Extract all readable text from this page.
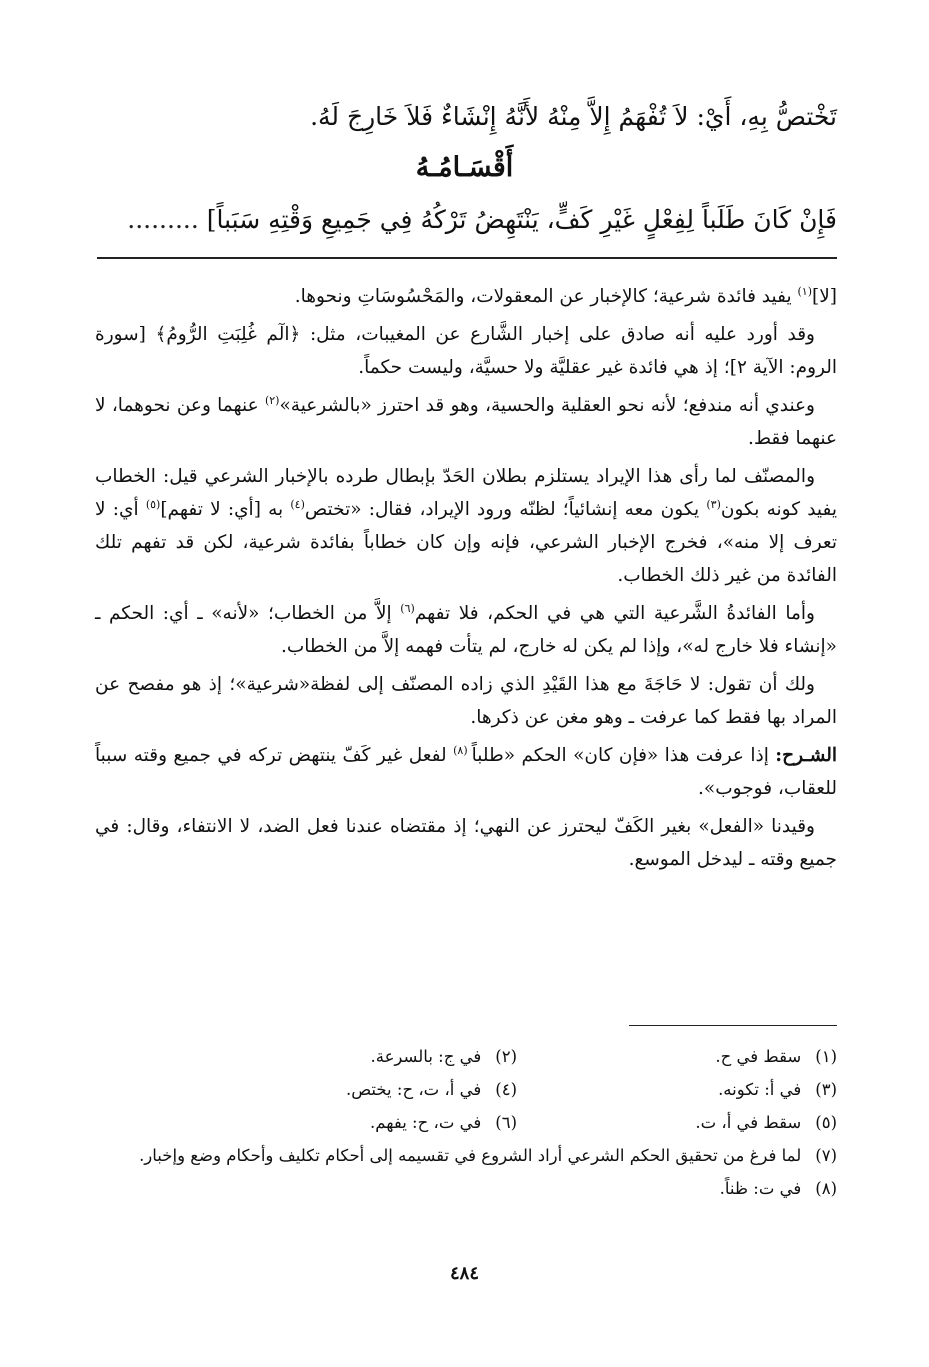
تَخْتصُّ بِهِ، أَيْ: لاَ تُفْهَمُ إِلاَّ مِنْهُ لأَنَّهُ إِنْشَاءٌ فَلاَ خَارِجَ لَهُ.
أَقْسَـامُـهُ
فَإِنْ كَانَ طَلَباً لِفِعْلٍ غَيْرِ كَفٍّ، يَنْتَهِضُ تَرْكُهُ فِي جَمِيعِ وَقْتِهِ سَبَباً] .........

[لا]$^{(١)}$ يفيد فائدة شرعية؛ كالإخبار عن المعقولات، والمَحْسُوسَاتِ ونحوها.

وقد أورد عليه أنه صادق على إخبار الشَّارع عن المغيبات، مثل: ﴿الٓم غُلِبَتِ الرُّومُ﴾ [سورة الروم: الآية ٢]؛ إذ هي فائدة غير عقليَّة ولا حسيَّة، وليست حكماً.

وعندي أنه مندفع؛ لأنه نحو العقلية والحسية، وهو قد احترز «بالشرعية»$^{(٢)}$ عنهما وعن نحوهما، لا عنهما فقط.

والمصنّف لما رأى هذا الإيراد يستلزم بطلان الحَدّ بإبطال طرده بالإخبار الشرعي قيل: الخطاب يفيد كونه بكون$^{(٣)}$ يكون معه إنشائياً؛ لظنّه ورود الإيراد، فقال: «تختص$^{(٤)}$ به [أي: لا تفهم]$^{(٥)}$ أي: لا تعرف إلا منه»، فخرج الإخبار الشرعي، فإنه وإن كان خطاباً بفائدة شرعية، لكن قد تفهم تلك الفائدة من غير ذلك الخطاب.

وأما الفائدةُ الشَّرعية التي هي في الحكم، فلا تفهم$^{(٦)}$ إلاَّ من الخطاب؛ «لأنه» ـ أي: الحكم ـ «إنشاء فلا خارج له»، وإذا لم يكن له خارج، لم يتأت فهمه إلاَّ من الخطاب.

ولك أن تقول: لا حَاجَةَ مع هذا القَيْدِ الذي زاده المصنّف إلى لفظة«شرعية»؛ إذ هو مفصح عن المراد بها فقط كما عرفت ـ وهو مغن عن ذكرها.

الشـرح: إذا عرفت هذا «فإن كان» الحكم «طلباً $^{(٨)}$ لفعل غير كَفّ ينتهض تركه في جميع وقته سبباً للعقاب، فوجوب».

وقيدنا «الفعل» بغير الكَفّ ليحترز عن النهي؛ إذ مقتضاه عندنا فعل الضد، لا الانتفاء، وقال: في جميع وقته ـ ليدخل الموسع.

(١)سقط في ح.
(٢)في ج: بالسرعة.
(٣)في أ: تكونه.
(٤)في أ، ت، ح: يختص.
(٥)سقط في أ، ت.
(٦)في ت، ح: يفهم.
(٧)لما فرغ من تحقيق الحكم الشرعي أراد الشروع في تقسيمه إلى أحكام تكليف وأحكام وضع وإخبار.
(٨)في ت: ظناً.
٤٨٤
